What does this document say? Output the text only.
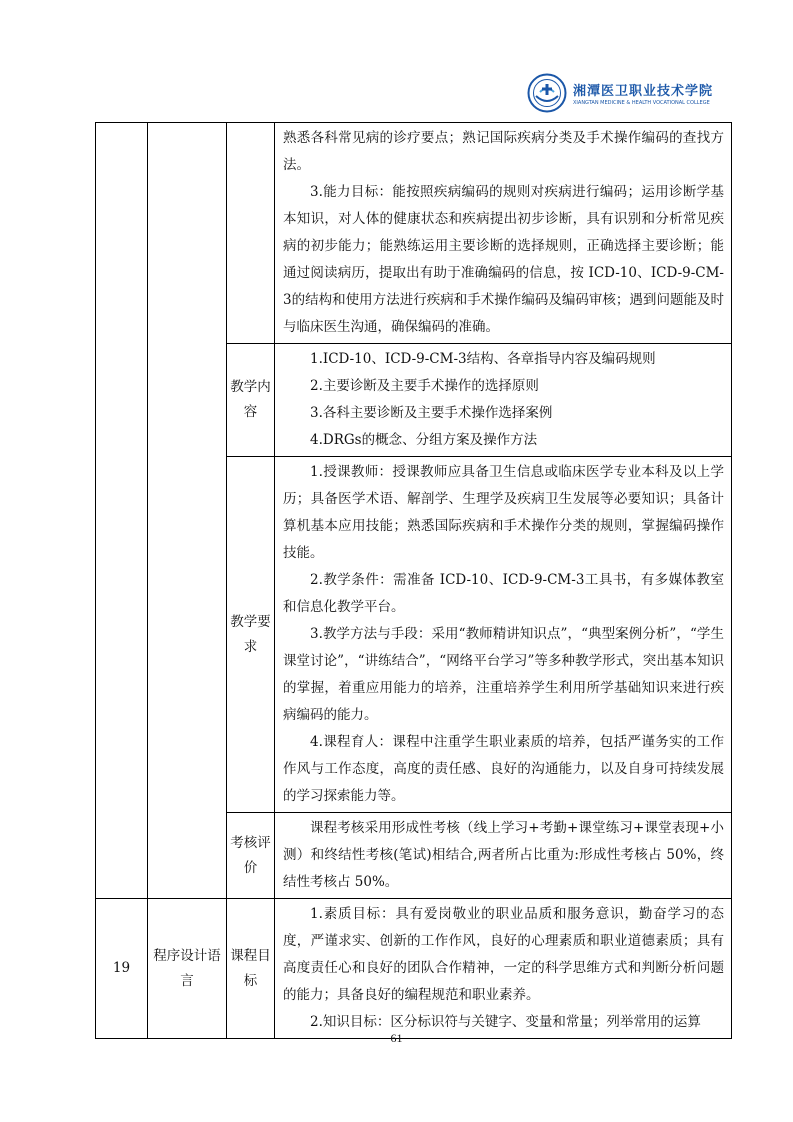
湘潭医卫职业技术学院
XIANGTAN MEDICINE & HEALTH VOCATIONAL COLLEGE

			熟悉各科常见病的诊疗要点；熟记国际疾病分类及手术操作编码的查找方法。

3.能力目标：能按照疾病编码的规则对疾病进行编码；运用诊断学基本知识，对人体的健康状态和疾病提出初步诊断，具有识别和分析常见疾病的初步能力；能熟练运用主要诊断的选择规则，正确选择主要诊断；能通过阅读病历，提取出有助于准确编码的信息，按 ICD-10、ICD-9-CM-3的结构和使用方法进行疾病和手术操作编码及编码审核；遇到问题能及时与临床医生沟通，确保编码的准确。

		教学内容	1.ICD-10、ICD-9-CM-3结构、各章指导内容及编码规则

2.主要诊断及主要手术操作的选择原则

3.各科主要诊断及主要手术操作选择案例

4.DRGs的概念、分组方案及操作方法

		教学要求	1.授课教师：授课教师应具备卫生信息或临床医学专业本科及以上学历；具备医学术语、解剖学、生理学及疾病卫生发展等必要知识；具备计算机基本应用技能；熟悉国际疾病和手术操作分类的规则，掌握编码操作技能。

2.教学条件：需准备 ICD-10、ICD-9-CM-3工具书，有多媒体教室和信息化教学平台。

3.教学方法与手段：采用“教师精讲知识点”，“典型案例分析”，“学生课堂讨论”，“讲练结合”，“网络平台学习”等多种教学形式，突出基本知识的掌握，着重应用能力的培养，注重培养学生利用所学基础知识来进行疾病编码的能力。

4.课程育人：课程中注重学生职业素质的培养，包括严谨务实的工作作风与工作态度，高度的责任感、良好的沟通能力，以及自身可持续发展的学习探索能力等。

		考核评价	课程考核采用形成性考核（线上学习+考勤+课堂练习+课堂表现+小测）和终结性考核(笔试)相结合,两者所占比重为:形成性考核占 50%，终结性考核占 50%。

19	程序设计语言	课程目标	1.素质目标：具有爱岗敬业的职业品质和服务意识，勤奋学习的态度，严谨求实、创新的工作作风，良好的心理素质和职业道德素质；具有高度责任心和良好的团队合作精神，一定的科学思维方式和判断分析问题的能力；具备良好的编程规范和职业素养。

2.知识目标：区分标识符与关键字、变量和常量；列举常用的运算

61
